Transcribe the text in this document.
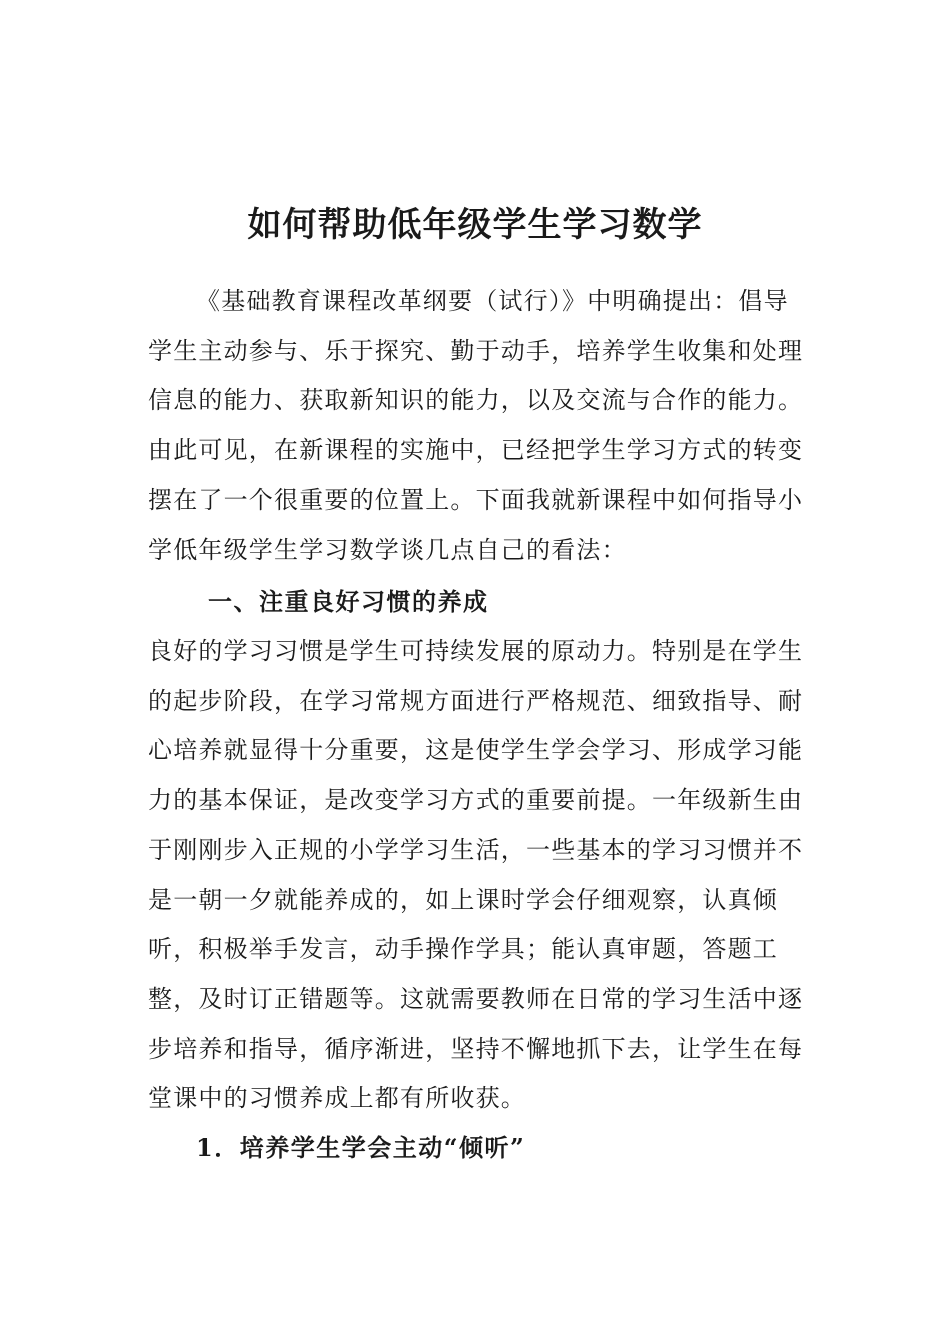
如何帮助低年级学生学习数学

《基础教育课程改革纲要（试行）》中明确提出：倡导学生主动参与、乐于探究、勤于动手，培养学生收集和处理信息的能力、获取新知识的能力，以及交流与合作的能力。由此可见，在新课程的实施中，已经把学生学习方式的转变摆在了一个很重要的位置上。下面我就新课程中如何指导小学低年级学生学习数学谈几点自己的看法：

一、注重良好习惯的养成

良好的学习习惯是学生可持续发展的原动力。特别是在学生的起步阶段，在学习常规方面进行严格规范、细致指导、耐心培养就显得十分重要，这是使学生学会学习、形成学习能力的基本保证，是改变学习方式的重要前提。一年级新生由于刚刚步入正规的小学学习生活，一些基本的学习习惯并不是一朝一夕就能养成的，如上课时学会仔细观察，认真倾听，积极举手发言，动手操作学具；能认真审题，答题工整，及时订正错题等。这就需要教师在日常的学习生活中逐步培养和指导，循序渐进，坚持不懈地抓下去，让学生在每堂课中的习惯养成上都有所收获。

1．培养学生学会主动“倾听”
